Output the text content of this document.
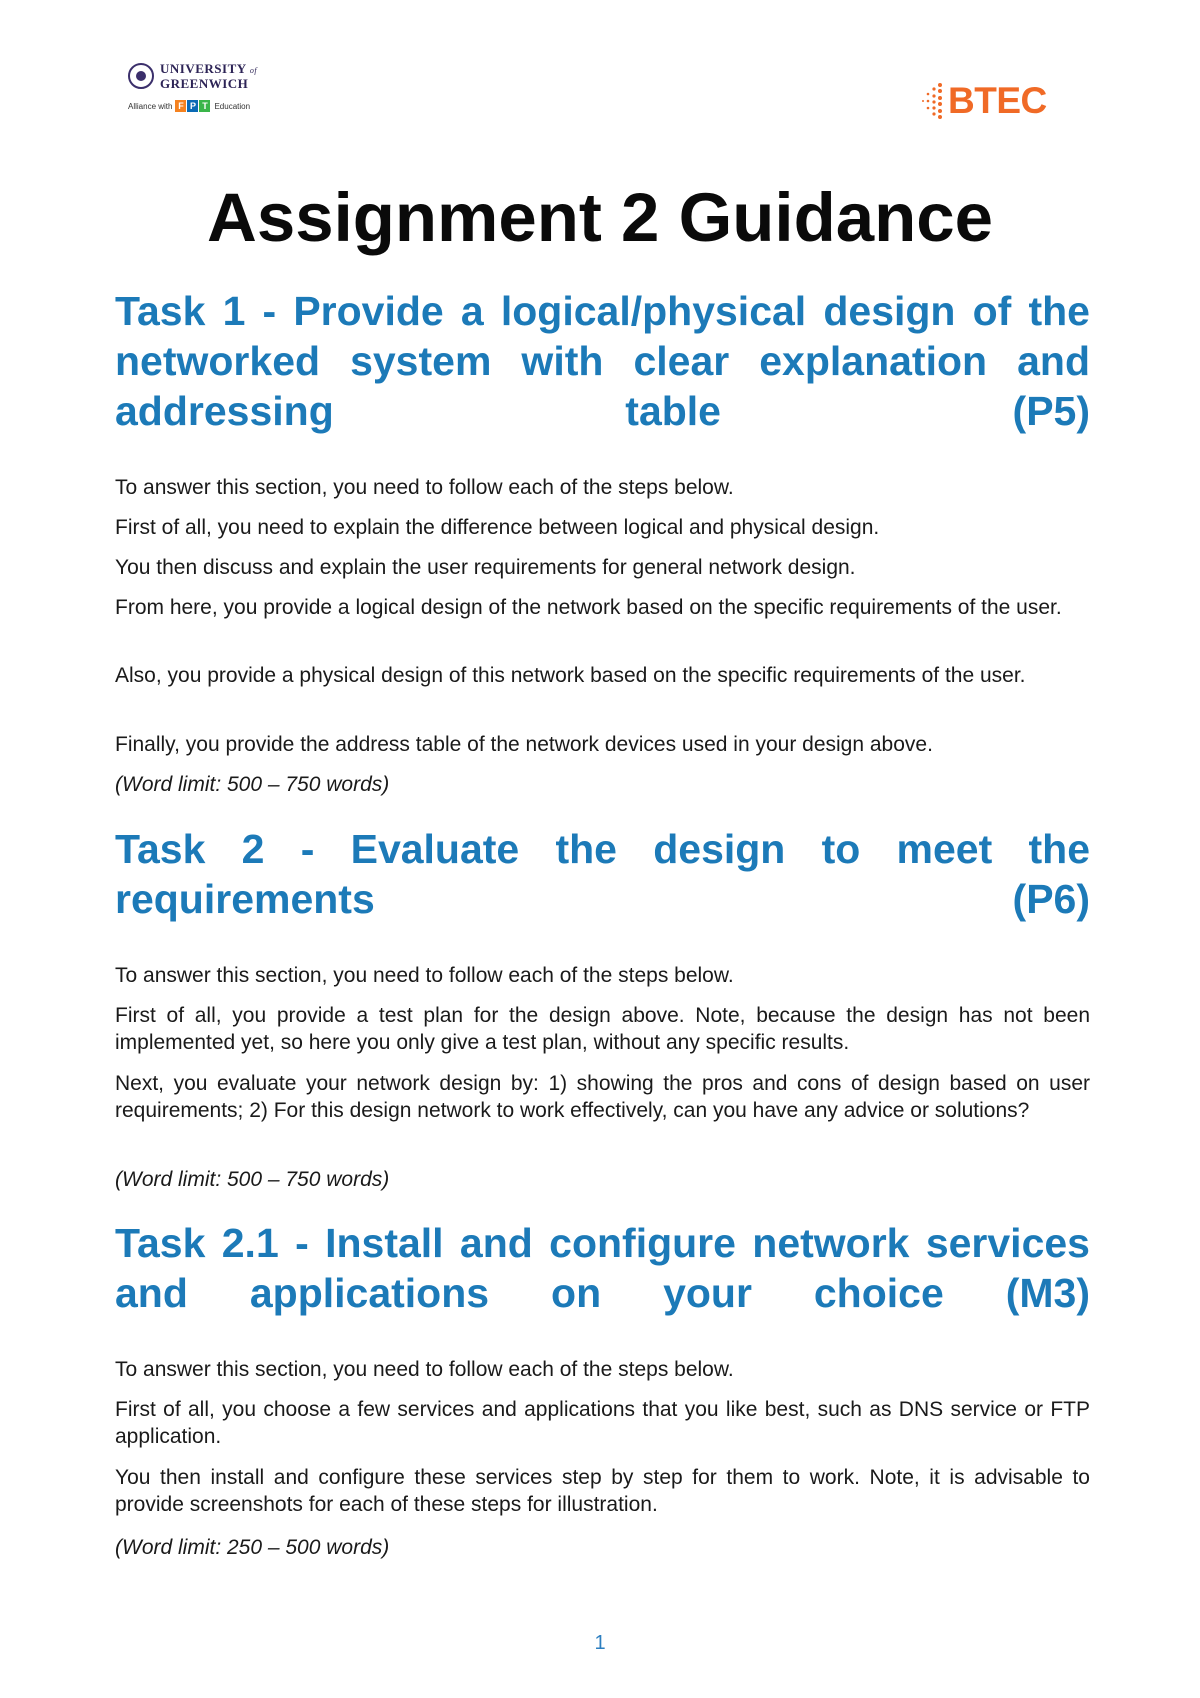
UNIVERSITY of
GREENWICH
Alliance with F P T Education	BTEC
Assignment 2 Guidance
Task 1 - Provide a logical/physical design of the networked system with clear explanation and addressing table (P5)

To answer this section, you need to follow each of the steps below.

First of all, you need to explain the difference between logical and physical design.

You then discuss and explain the user requirements for general network design.

From here, you provide a logical design of the network based on the specific requirements of the user.

Also, you provide a physical design of this network based on the specific requirements of the user.

Finally, you provide the address table of the network devices used in your design above.

(Word limit: 500 – 750 words)

Task 2 - Evaluate the design to meet the requirements (P6)

To answer this section, you need to follow each of the steps below.

First of all, you provide a test plan for the design above. Note, because the design has not been implemented yet, so here you only give a test plan, without any specific results.

Next, you evaluate your network design by: 1) showing the pros and cons of design based on user requirements; 2) For this design network to work effectively, can you have any advice or solutions?

(Word limit: 500 – 750 words)

Task 2.1 - Install and configure network services and applications on your choice (M3)

To answer this section, you need to follow each of the steps below.

First of all, you choose a few services and applications that you like best, such as DNS service or FTP application.

You then install and configure these services step by step for them to work. Note, it is advisable to provide screenshots for each of these steps for illustration.

(Word limit: 250 – 500 words)

1
